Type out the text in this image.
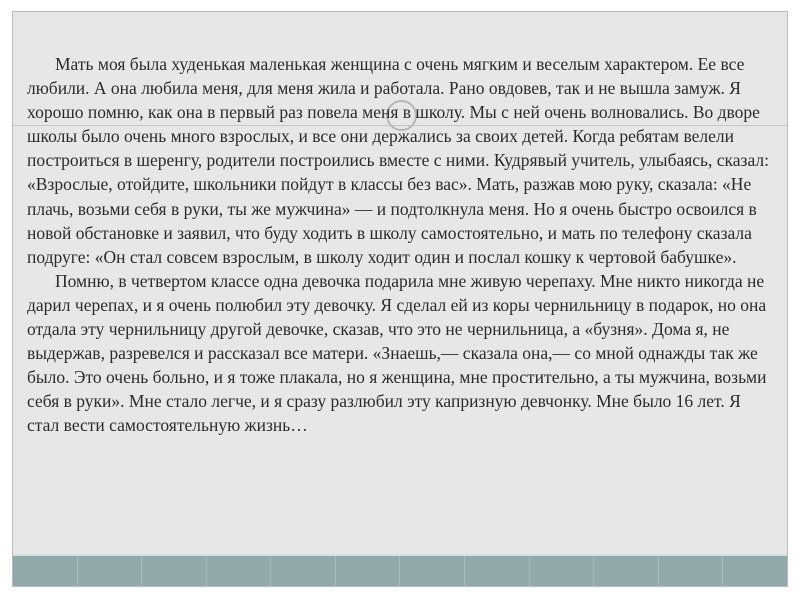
Мать моя была худенькая маленькая женщина с очень мягким и веселым характером. Ее все любили. А она любила меня, для меня жила и работала. Рано овдовев, так и не вышла замуж. Я хорошо помню, как она в первый раз повела меня в школу. Мы с ней очень волновались. Во дворе школы было очень много взрослых, и все они держались за своих детей. Когда ребятам велели построиться в шеренгу, родители построились вместе с ними. Кудрявый учитель, улыбаясь, сказал: «Взрослые, отойдите, школьники пойдут в классы без вас». Мать, разжав мою руку, сказала: «Не плачь, возьми себя в руки, ты же мужчина» — и подтолкнула меня. Но я очень быстро освоился в новой обстановке и заявил, что буду ходить в школу самостоятельно, и мать по телефону сказала подруге: «Он стал совсем взрослым, в школу ходит один и послал кошку к чертовой бабушке».

Помню, в четвертом классе одна девочка подарила мне живую черепаху. Мне никто никогда не дарил черепах, и я очень полюбил эту девочку. Я сделал ей из коры чернильницу в подарок, но она отдала эту чернильницу другой девочке, сказав, что это не чернильница, а «бузня». Дома я, не выдержав, разревелся и рассказал все матери. «Знаешь,— сказала она,— со мной однажды так же было. Это очень больно, и я тоже плакала, но я женщина, мне простительно, а ты мужчина, возьми себя в руки». Мне стало легче, и я сразу разлюбил эту капризную девчонку. Мне было 16 лет. Я стал вести самостоятельную жизнь…
